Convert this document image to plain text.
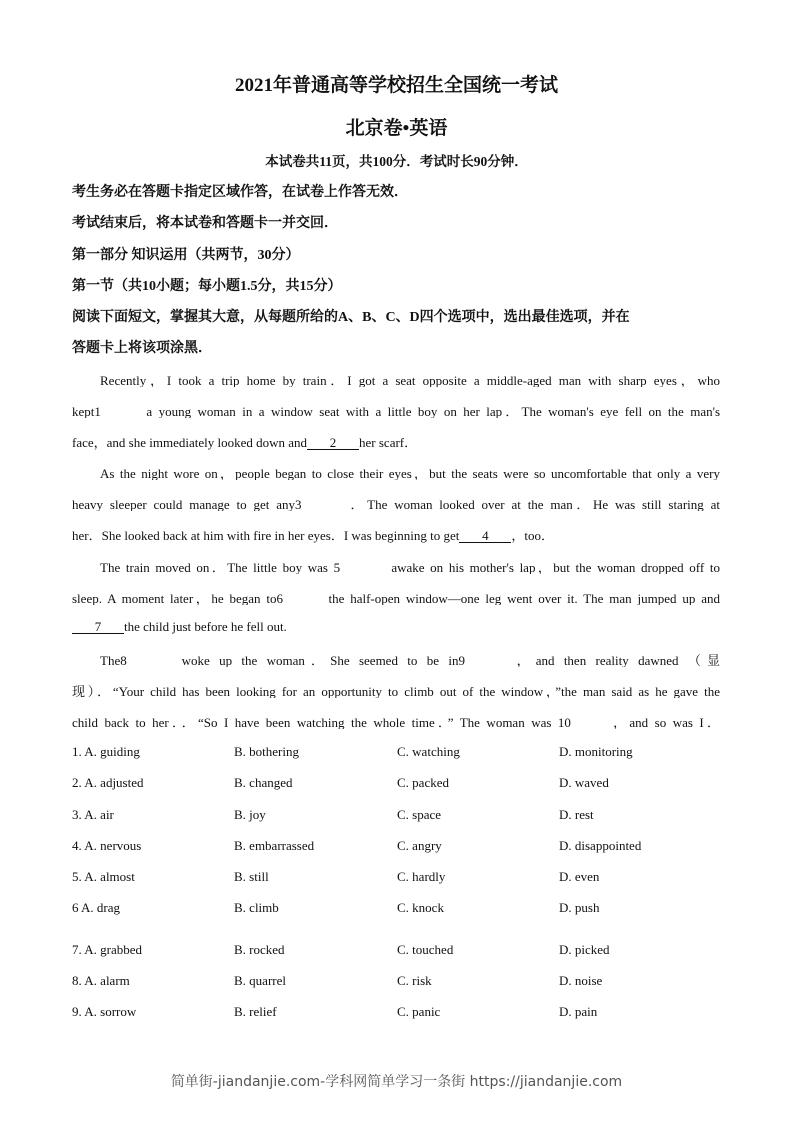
2021年普通高等学校招生全国统一考试
北京卷•英语
本试卷共11页，共100分．考试时长90分钟．
考生务必在答题卡指定区域作答，在试卷上作答无效．
考试结束后，将本试卷和答题卡一并交回．
第一部分 知识运用（共两节，30分）
第一节（共10小题；每小题1.5分，共15分）
阅读下面短文，掌握其大意，从每题所给的A、B、C、D四个选项中，选出最佳选项，并在
答题卡上将该项涂黑．
Recently，I took a trip home by train．I got a seat opposite a middle-aged man with sharp eyes，who
kept1	a young woman in a window seat with a little boy on her lap．The woman's eye fell on the man's
face，and she immediately looked down and 2 her scarf．
As the night wore on，people began to close their eyes，but the seats were so uncomfortable that only a very
heavy sleeper could manage to get any3	．The woman looked over at the man．He was still staring at
her．She looked back at him with fire in her eyes．I was beginning to get 4 ，too．
The train moved on．The little boy was 5	awake on his mother's lap，but the woman dropped off to
sleep. A moment later，he began to6	the half-open window—one leg went over it. The man jumped up and
7 the child just before he fell out.
The8	woke up the woman．She seemed to be in9	，and then reality dawned （显
现）．“Your child has been looking for an opportunity to climb out of the window，”the man said as he gave the
child back to her．．“So I have been watching the whole time．” The woman was 10	，and so was I．
1. A. guiding	B. bothering	C. watching	D. monitoring
2. A. adjusted	B. changed	C. packed	D. waved
3. A. air	B. joy	C. space	D. rest
4. A. nervous	B. embarrassed	C. angry	D. disappointed
5. A. almost	B. still	C. hardly	D. even
6 A. drag	B. climb	C. knock	D. push
7. A. grabbed	B. rocked	C. touched	D. picked
8. A. alarm	B. quarrel	C. risk	D. noise
9. A. sorrow	B. relief	C. panic	D. pain
简单街-jiandanjie.com-学科网简单学习一条街 https://jiandanjie.com
